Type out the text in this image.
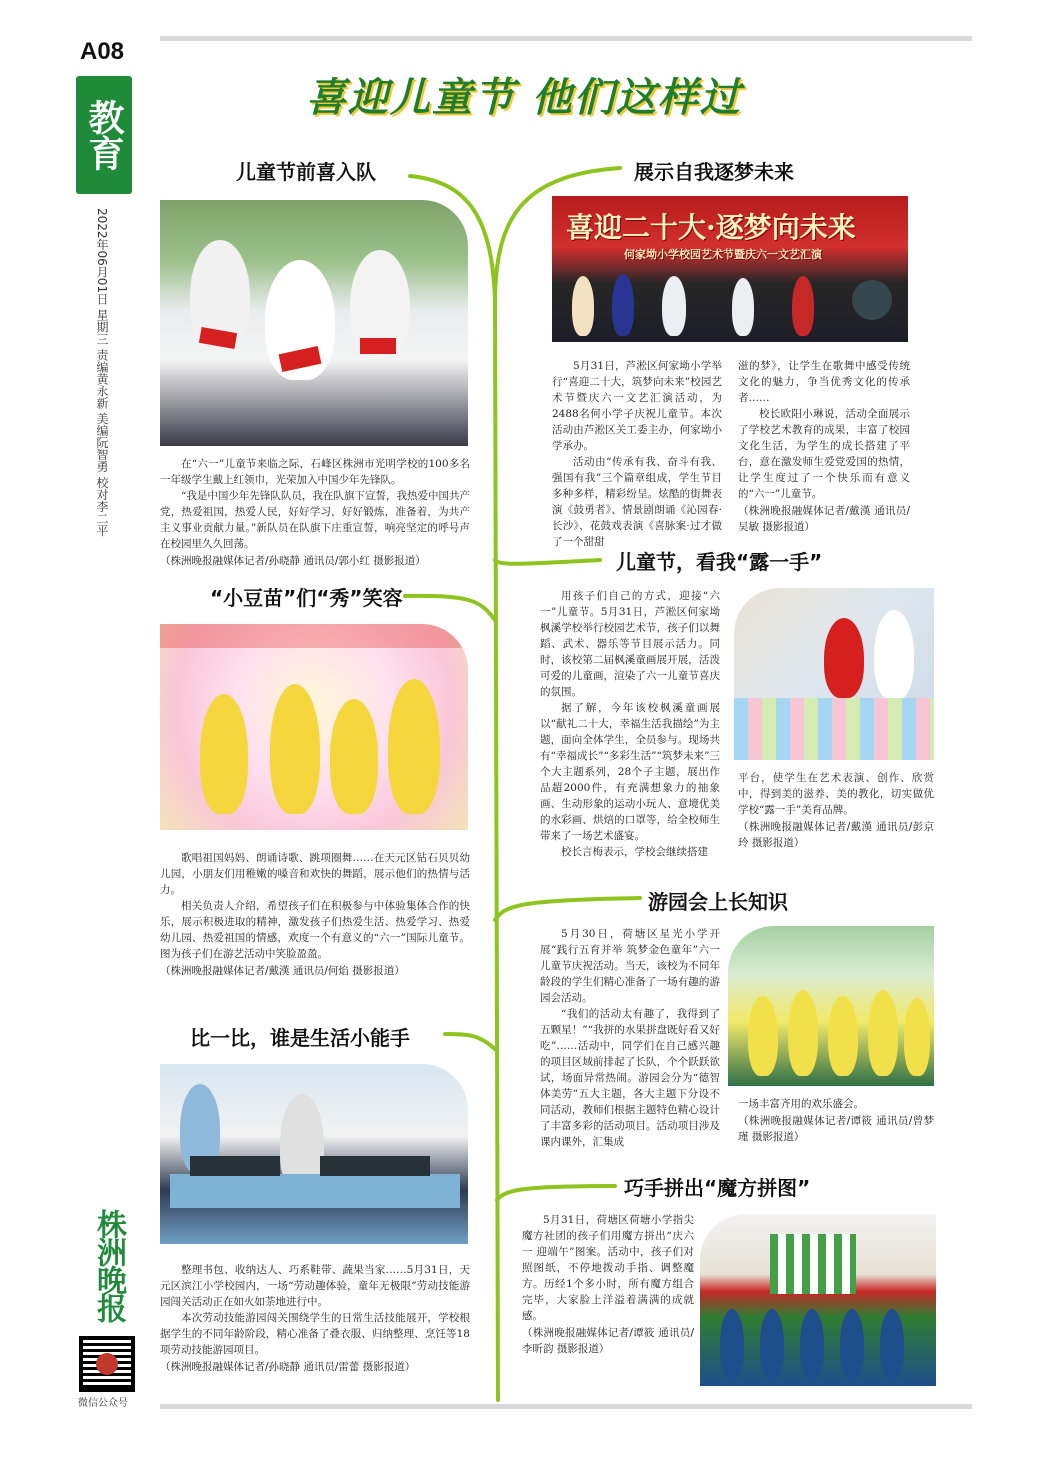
A08
教育
2022年06月01日 星期三 责编黄永新 美编阮智勇 校对李二平
株洲晚报
微信公众号
喜迎儿童节 他们这样过
儿童节前喜入队

在“六一”儿童节来临之际，石峰区株洲市光明学校的100多名一年级学生戴上红领巾，光荣加入中国少年先锋队。

“我是中国少年先锋队队员，我在队旗下宣誓，我热爱中国共产党，热爱祖国，热爱人民，好好学习，好好锻炼，准备着，为共产主义事业贡献力量。”新队员在队旗下庄重宣誓，响亮坚定的呼号声在校园里久久回荡。

（株洲晚报融媒体记者/孙晓静 通讯员/郭小红 摄影报道）
“小豆苗”们“秀”笑容

歌唱祖国妈妈、朗诵诗歌、跳项圈舞……在天元区钻石贝贝幼儿园，小朋友们用稚嫩的嗓音和欢快的舞蹈，展示他们的热情与活力。

相关负责人介绍，希望孩子们在积极参与中体验集体合作的快乐，展示积极进取的精神，激发孩子们热爱生活、热爱学习、热爱幼儿园、热爱祖国的情感，欢度一个有意义的“六一”国际儿童节。图为孩子们在游艺活动中笑脸盈盈。

（株洲晚报融媒体记者/戴漢 通讯员/何焰 摄影报道）
比一比，谁是生活小能手

整理书包、收纳达人、巧系鞋带、蔬果当家……5月31日，天元区滨江小学校园内，一场“劳动趣体验，童年无极限”劳动技能游园闯关活动正在如火如荼地进行中。

本次劳动技能游园闯关围绕学生的日常生活技能展开，学校根据学生的不同年龄阶段，精心准备了叠衣服、归纳整理、烹饪等18项劳动技能游园项目。

（株洲晚报融媒体记者/孙晓静 通讯员/雷蕾 摄影报道）
展示自我逐梦未来
喜迎二十大·逐梦向未来
何家坳小学校园艺术节暨庆六一文艺汇演

5月31日，芦淞区何家坳小学举行“喜迎二十大，筑梦向未来”校园艺术节暨庆六一文艺汇演活动，为2488名何小学子庆祝儿童节。本次活动由芦淞区关工委主办，何家坳小学承办。

活动由“传承有我、奋斗有我、强国有我”三个篇章组成，学生节目多种多样，精彩纷呈。炫酷的街舞表演《鼓勇者》、情景剧朗诵《沁园春·长沙》、花鼓戏表演《喜脉案·过才做了一个甜甜

滋的梦》，让学生在歌舞中感受传统文化的魅力，争当优秀文化的传承者……

校长欧阳小琳说，活动全面展示了学校艺术教育的成果，丰富了校园文化生活，为学生的成长搭建了平台，意在激发师生爱党爱国的热情，让学生度过了一个快乐而有意义的“六一”儿童节。

（株洲晚报融媒体记者/戴漢 通讯员/吴敏 摄影报道）
儿童节，看我“露一手”

用孩子们自己的方式，迎接“六一”儿童节。5月31日，芦淞区何家坳枫溪学校举行校园艺术节，孩子们以舞蹈、武术、器乐等节目展示活力。同时，该校第二届枫溪童画展开展，活泼可爱的儿童画，渲染了六一儿童节喜庆的氛围。

据了解，今年该校枫溪童画展以“献礼二十大，幸福生活我描绘”为主题，面向全体学生，全员参与。现场共有“幸福成长”“多彩生活”“筑梦未来”三个大主题系列，28个子主题，展出作品超2000件，有充满想象力的抽象画、生动形象的运动小玩人、意境优美的水彩画、烘焙的口罩等，给全校师生带来了一场艺术盛宴。

校长言梅表示，学校会继续搭建

平台，使学生在艺术表演、创作、欣赏中，得到美的滋养、美的教化，切实做优学校“露一手”美育品牌。
（株洲晚报融媒体记者/戴漢 通讯员/彭京玲 摄影报道）
游园会上长知识

5月30日，荷塘区星光小学开展“践行五育并举 筑梦金色童年”六一儿童节庆祝活动。当天，该校为不同年龄段的学生们精心准备了一场有趣的游园会活动。

“我们的活动太有趣了，我得到了五颗星！”“我拼的水果拼盘既好看又好吃”……活动中，同学们在自己感兴趣的项目区域前排起了长队，个个跃跃欲试，场面异常热闹。游园会分为“德智体美劳”五大主题，各大主题下分设不同活动，教师们根据主题特色精心设计了丰富多彩的活动项目。活动项目涉及课内课外，汇集成

一场丰富齐用的欢乐盛会。
（株洲晚报融媒体记者/谭筱 通讯员/曾梦瑾 摄影报道）
巧手拼出“魔方拼图”

5月31日，荷塘区荷塘小学指尖魔方社团的孩子们用魔方拼出“庆六一 迎端午”图案。活动中，孩子们对照图纸，不停地拨动手指、调整魔方。历经1个多小时，所有魔方组合完毕，大家脸上洋溢着满满的成就感。

（株洲晚报融媒体记者/谭筱 通讯员/李昕韵 摄影报道）
